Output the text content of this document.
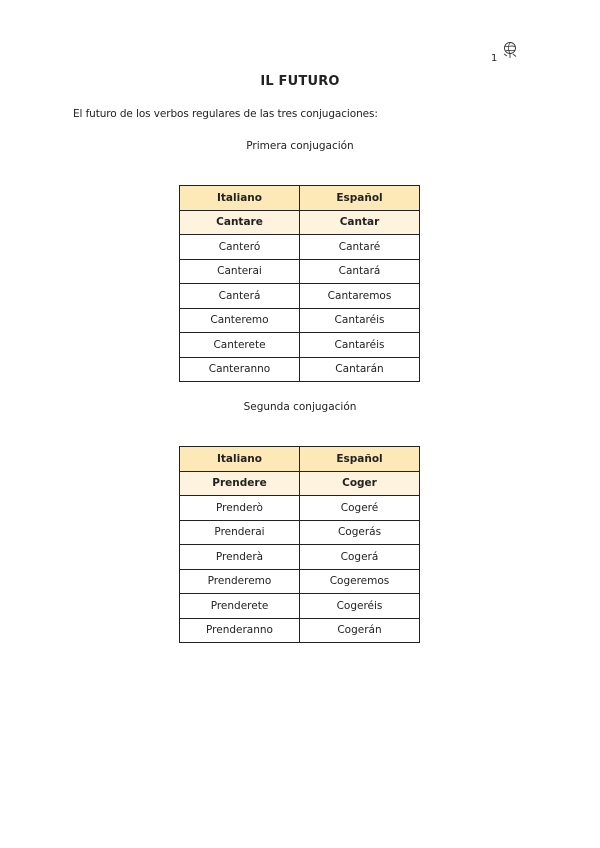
1
IL FUTURO
El futuro de los verbos regulares de las tres conjugaciones:
Primera conjugación
Italiano	Español
Cantare	Cantar
Canteró	Cantaré
Canterai	Cantará
Canterá	Cantaremos
Canteremo	Cantaréis
Canterete	Cantaréis
Canteranno	Cantarán
Segunda conjugación
Italiano	Español
Prendere	Coger
Prenderò	Cogeré
Prenderai	Cogerás
Prenderà	Cogerá
Prenderemo	Cogeremos
Prenderete	Cogeréis
Prenderanno	Cogerán
